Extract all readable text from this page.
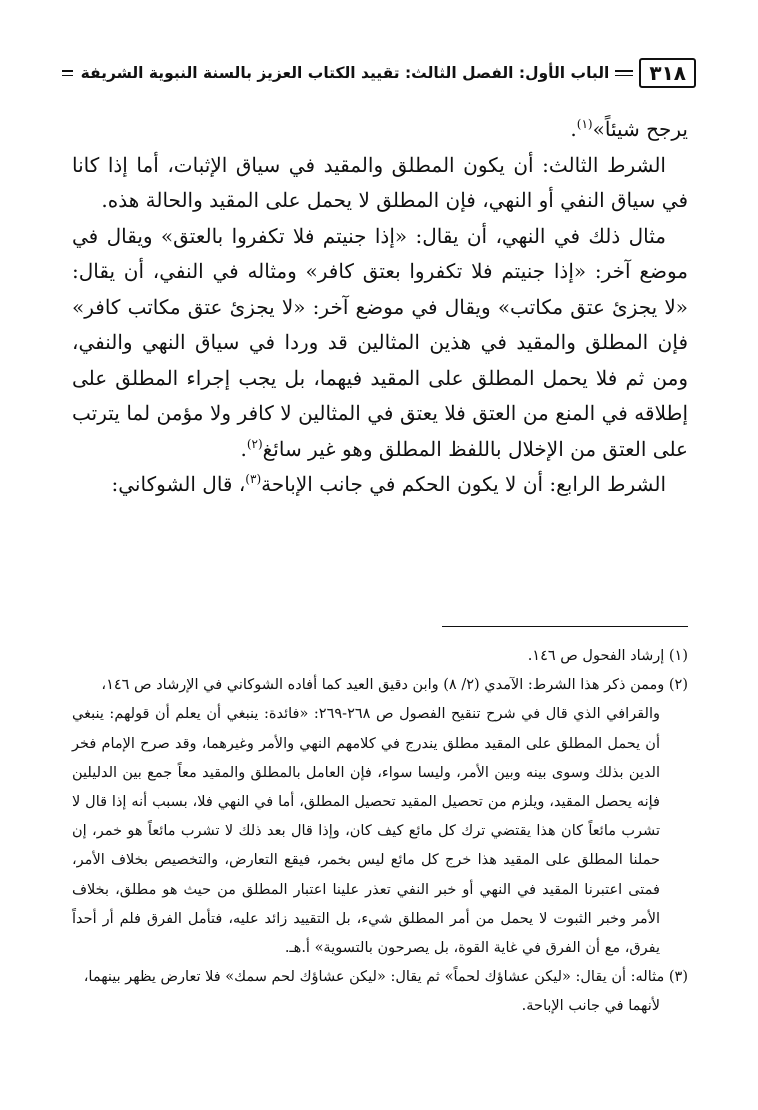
٣١٨
الباب الأول: الفصل الثالث: تقييد الكتاب العزيز بالسنة النبوية الشريفة

يرجح شيئاً»$^{(١)}$.

الشرط الثالث: أن يكون المطلق والمقيد في سياق الإثبات، أما إذا كانا في سياق النفي أو النهي، فإن المطلق لا يحمل على المقيد والحالة هذه.

مثال ذلك في النهي، أن يقال: «إذا جنيتم فلا تكفروا بالعتق» ويقال في موضع آخر: «إذا جنيتم فلا تكفروا بعتق كافر» ومثاله في النفي، أن يقال: «لا يجزئ عتق مكاتب» ويقال في موضع آخر: «لا يجزئ عتق مكاتب كافر» فإن المطلق والمقيد في هذين المثالين قد وردا في سياق النهي والنفي، ومن ثم فلا يحمل المطلق على المقيد فيهما، بل يجب إجراء المطلق على إطلاقه في المنع من العتق فلا يعتق في المثالين لا كافر ولا مؤمن لما يترتب على العتق من الإخلال باللفظ المطلق وهو غير سائغ$^{(٢)}$.

الشرط الرابع: أن لا يكون الحكم في جانب الإباحة$^{(٣)}$، قال الشوكاني:

(١) إرشاد الفحول ص ١٤٦.

(٢) وممن ذكر هذا الشرط: الآمدي (٢/ ٨) وابن دقيق العيد كما أفاده الشوكاني في الإرشاد ص ١٤٦،

والقرافي الذي قال في شرح تنقيح الفصول ص ٢٦٨-٢٦٩: «فائدة: ينبغي أن يعلم أن قولهم: ينبغي أن يحمل المطلق على المقيد مطلق يندرج في كلامهم النهي والأمر وغيرهما، وقد صرح الإمام فخر الدين بذلك وسوى بينه وبين الأمر، وليسا سواء، فإن العامل بالمطلق والمقيد معاً جمع بين الدليلين فإنه يحصل المقيد، ويلزم من تحصيل المقيد تحصيل المطلق، أما في النهي فلا، بسبب أنه إذا قال لا تشرب مائعاً كان هذا يقتضي ترك كل مائع كيف كان، وإذا قال بعد ذلك لا تشرب مائعاً هو خمر، إن حملنا المطلق على المقيد هذا خرج كل مائع ليس بخمر، فيقع التعارض، والتخصيص بخلاف الأمر، فمتى اعتبرنا المقيد في النهي أو خبر النفي تعذر علينا اعتبار المطلق من حيث هو مطلق، بخلاف الأمر وخبر الثبوت لا يحمل من أمر المطلق شيء، بل التقييد زائد عليه، فتأمل الفرق فلم أر أحداً يفرق، مع أن الفرق في غاية القوة، بل يصرحون بالتسوية» أ.هـ.

(٣) مثاله: أن يقال: «ليكن عشاؤك لحماً» ثم يقال: «ليكن عشاؤك لحم سمك» فلا تعارض يظهر بينهما،

لأنهما في جانب الإباحة.
